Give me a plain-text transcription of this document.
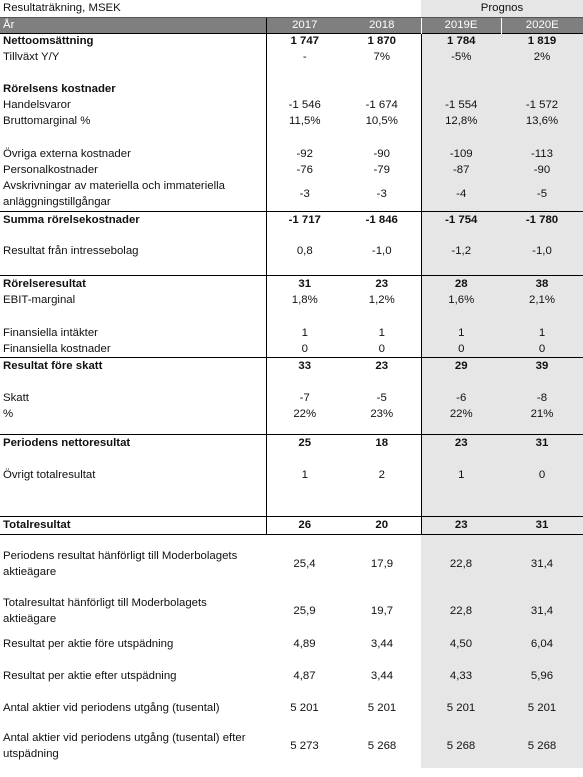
Resultaträkning, MSEK			Prognos	
År	2017	2018	2019E	2020E
Nettoomsättning	1 747	1 870	1 784	1 819
Tillväxt Y/Y	-	7%	-5%	2%

Rörelsens kostnader				
Handelsvaror	-1 546	-1 674	-1 554	-1 572
Bruttomarginal %	11,5%	10,5%	12,8%	13,6%

Övriga externa kostnader	-92	-90	-109	-113
Personalkostnader	-76	-79	-87	-90
Avskrivningar av materiella och immateriella anläggningstillgångar	-3	-3	-4	-5
Summa rörelsekostnader	-1 717	-1 846	-1 754	-1 780
Resultat från intressebolag	0,8	-1,0	-1,2	-1,0
Rörelseresultat	31	23	28	38
EBIT-marginal	1,8%	1,2%	1,6%	2,1%

Finansiella intäkter	1	1	1	1
Finansiella kostnader	0	0	0	0
Resultat före skatt	33	23	29	39

Skatt	-7	-5	-6	-8
%	22%	23%	22%	21%

Periodens nettoresultat	25	18	23	31

Övrigt totalresultat	1	2	1	0

Totalresultat	26	20	23	31

Periodens resultat hänförligt till Moderbolagets aktieägare	25,4	17,9	22,8	31,4

Totalresultat hänförligt till Moderbolagets aktieägare	25,9	19,7	22,8	31,4
Resultat per aktie före utspädning	4,89	3,44	4,50	6,04
Resultat per aktie efter utspädning	4,87	3,44	4,33	5,96
Antal aktier vid periodens utgång (tusental)	5 201	5 201	5 201	5 201
Antal aktier vid periodens utgång (tusental) efter utspädning	5 273	5 268	5 268	5 268
